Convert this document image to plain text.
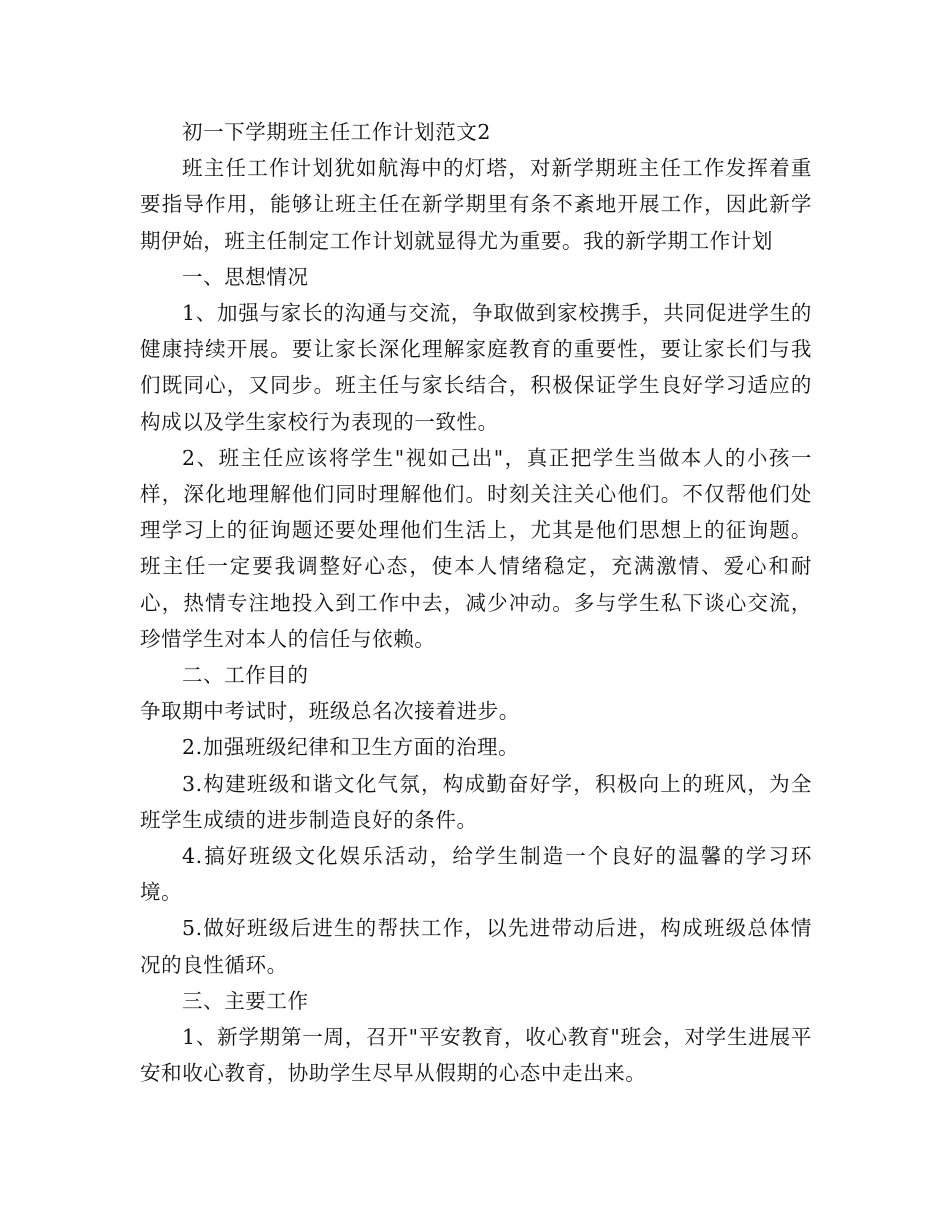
初一下学期班主任工作计划范文2

班主任工作计划犹如航海中的灯塔，对新学期班主任工作发挥着重要指导作用，能够让班主任在新学期里有条不紊地开展工作，因此新学期伊始，班主任制定工作计划就显得尤为重要。我的新学期工作计划

一、思想情况

1、加强与家长的沟通与交流，争取做到家校携手，共同促进学生的健康持续开展。要让家长深化理解家庭教育的重要性，要让家长们与我们既同心，又同步。班主任与家长结合，积极保证学生良好学习适应的构成以及学生家校行为表现的一致性。

2、班主任应该将学生"视如己出"，真正把学生当做本人的小孩一样，深化地理解他们同时理解他们。时刻关注关心他们。不仅帮他们处理学习上的征询题还要处理他们生活上，尤其是他们思想上的征询题。班主任一定要我调整好心态，使本人情绪稳定，充满激情、爱心和耐心，热情专注地投入到工作中去，减少冲动。多与学生私下谈心交流，珍惜学生对本人的信任与依赖。

二、工作目的

争取期中考试时，班级总名次接着进步。

2.加强班级纪律和卫生方面的治理。

3.构建班级和谐文化气氛，构成勤奋好学，积极向上的班风，为全班学生成绩的进步制造良好的条件。

4.搞好班级文化娱乐活动，给学生制造一个良好的温馨的学习环境。

5.做好班级后进生的帮扶工作，以先进带动后进，构成班级总体情况的良性循环。

三、主要工作

1、新学期第一周，召开"平安教育，收心教育"班会，对学生进展平安和收心教育，协助学生尽早从假期的心态中走出来。
